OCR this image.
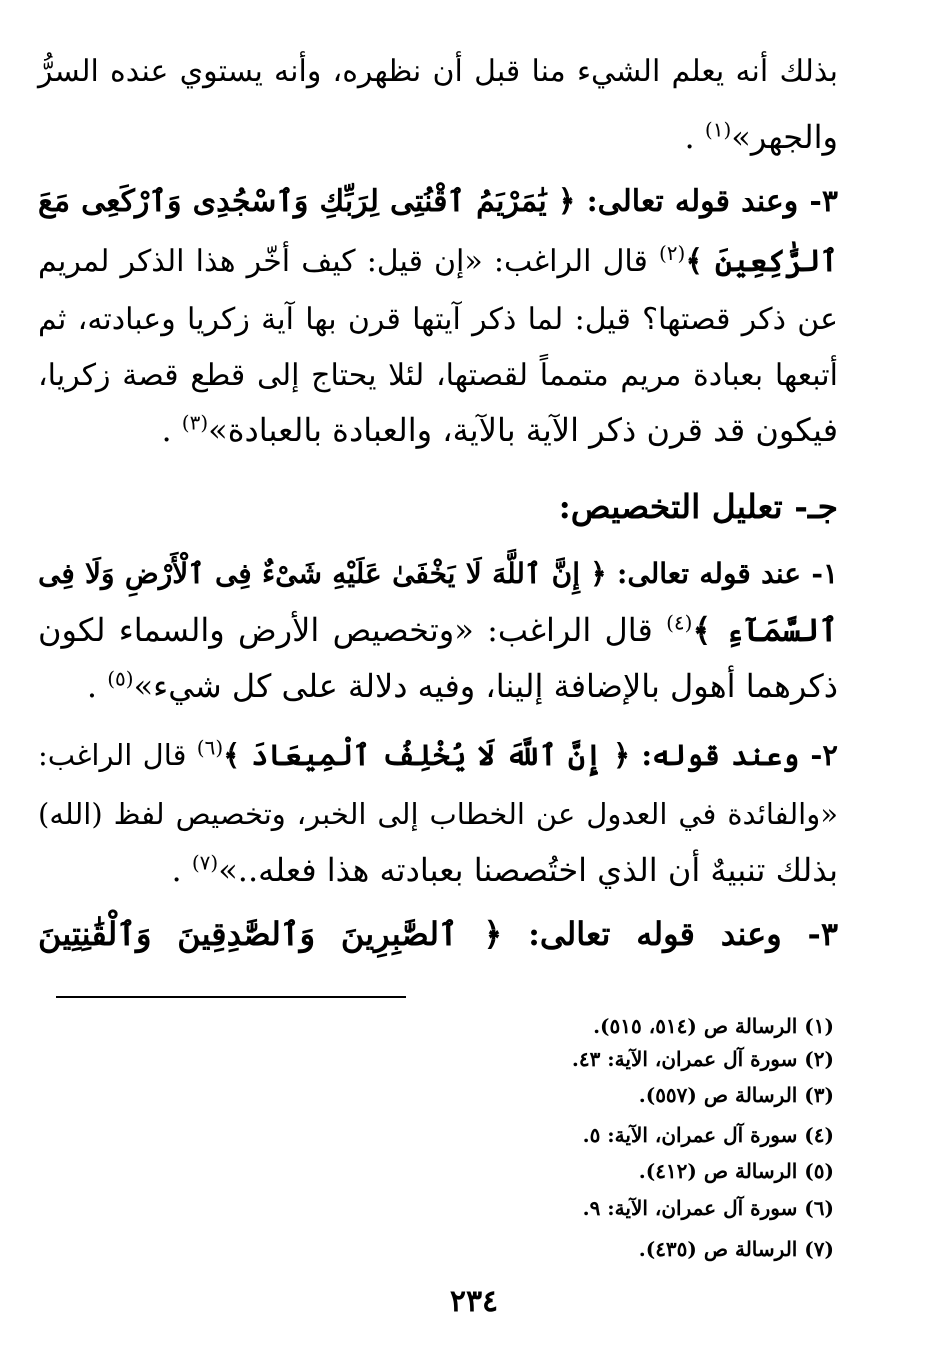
بذلك أنه يعلم الشيء منا قبل أن نظهره، وأنه يستوي عنده السرُّ
والجهر»$^{(١)}$ .
٣- وعند قوله تعالى: ﴿ يَٰمَرْيَمُ ٱقْنُتِى لِرَبِّكِ وَٱسْجُدِى وَٱرْكَعِى مَعَ
ٱلرَّٰكِعِينَ ﴾$^{(٢)}$ قال الراغب: «إن قيل: كيف أخّر هذا الذكر لمريم
عن ذكر قصتها؟ قيل: لما ذكر آيتها قرن بها آية زكريا وعبادته، ثم
أتبعها بعبادة مريم متمماً لقصتها، لئلا يحتاج إلى قطع قصة زكريا،
فيكون قد قرن ذكر الآية بالآية، والعبادة بالعبادة»$^{(٣)}$ .
جـ- تعليل التخصيص:
١- عند قوله تعالى: ﴿ إِنَّ ٱللَّهَ لَا يَخْفَىٰ عَلَيْهِ شَىْءٌ فِى ٱلْأَرْضِ وَلَا فِى
ٱلسَّمَآءِ ﴾$^{(٤)}$ قال الراغب: «وتخصيص الأرض والسماء لكون
ذكرهما أهول بالإضافة إلينا، وفيه دلالة على كل شيء»$^{(٥)}$ .
٢- وعند قوله: ﴿ إِنَّ ٱللَّهَ لَا يُخْلِفُ ٱلْمِيعَادَ ﴾$^{(٦)}$ قال الراغب:
«والفائدة في العدول عن الخطاب إلى الخبر، وتخصيص لفظ (الله)
بذلك تنبيهٌ أن الذي اختُصصنا بعبادته هذا فعله..»$^{(٧)}$ .
٣- وعند قوله تعالى: ﴿ ٱلصَّٰبِرِينَ وَٱلصَّٰدِقِينَ وَٱلْقَٰنِتِينَ
(١) الرسالة ص (٥١٤، ٥١٥).
(٢) سورة آل عمران، الآية: ٤٣.
(٣) الرسالة ص (٥٥٧).
(٤) سورة آل عمران، الآية: ٥.
(٥) الرسالة ص (٤١٢).
(٦) سورة آل عمران، الآية: ٩.
(٧) الرسالة ص (٤٣٥).
٢٣٤
